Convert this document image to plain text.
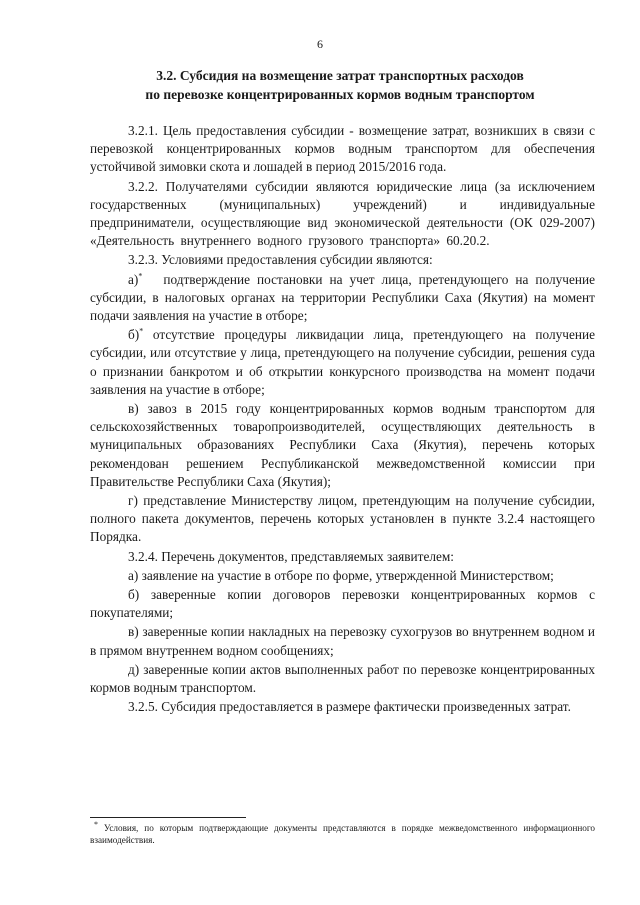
6
3.2. Субсидия на возмещение затрат транспортных расходов
по перевозке концентрированных кормов водным транспортом

3.2.1. Цель предоставления субсидии - возмещение затрат, возникших в связи с перевозкой концентрированных кормов водным транспортом для обеспечения устойчивой зимовки скота и лошадей в период 2015/2016 года.

3.2.2. Получателями субсидии являются юридические лица (за исключением государственных (муниципальных) учреждений) и индивидуальные предприниматели, осуществляющие вид экономической деятельности (ОК 029-2007) «Деятельность внутреннего водного грузового транспорта» 60.20.2.

3.2.3. Условиями предоставления субсидии являются:

а)* подтверждение постановки на учет лица, претендующего на получение субсидии, в налоговых органах на территории Республики Саха (Якутия) на момент подачи заявления на участие в отборе;

б)* отсутствие процедуры ликвидации лица, претендующего на получение субсидии, или отсутствие у лица, претендующего на получение субсидии, решения суда о признании банкротом и об открытии конкурсного производства на момент подачи заявления на участие в отборе;

в) завоз в 2015 году концентрированных кормов водным транспортом для сельскохозяйственных товаропроизводителей, осуществляющих деятельность в муниципальных образованиях Республики Саха (Якутия), перечень которых рекомендован решением Республиканской межведомственной комиссии при Правительстве Республики Саха (Якутия);

г) представление Министерству лицом, претендующим на получение субсидии, полного пакета документов, перечень которых установлен в пункте 3.2.4 настоящего Порядка.

3.2.4. Перечень документов, представляемых заявителем:

а) заявление на участие в отборе по форме, утвержденной Министерством;

б) заверенные копии договоров перевозки концентрированных кормов с покупателями;

в) заверенные копии накладных на перевозку сухогрузов во внутреннем водном и в прямом внутреннем водном сообщениях;

д) заверенные копии актов выполненных работ по перевозке концентрированных кормов водным транспортом.

3.2.5. Субсидия предоставляется в размере фактически произведенных затрат.

* Условия, по которым подтверждающие документы представляются в порядке межведомственного информационного взаимодействия.
